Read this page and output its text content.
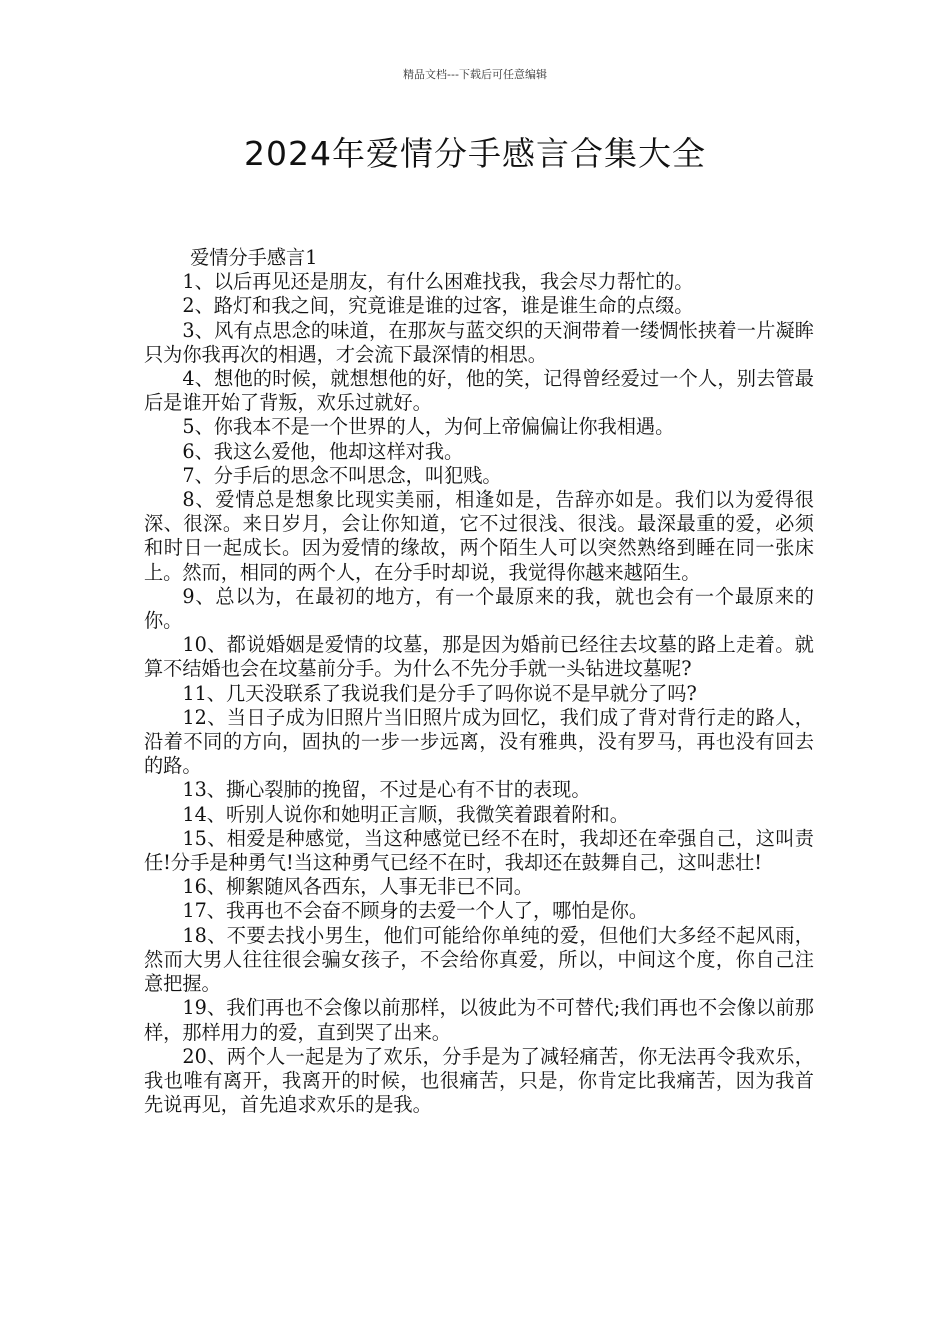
精品文档---下载后可任意编辑
2024年爱情分手感言合集大全

爱情分手感言1

1、以后再见还是朋友，有什么困难找我，我会尽力帮忙的。

2、路灯和我之间，究竟谁是谁的过客，谁是谁生命的点缀。

3、风有点思念的味道，在那灰与蓝交织的天涧带着一缕惆怅挟着一片凝眸只为你我再次的相遇，才会流下最深情的相思。

4、想他的时候，就想想他的好，他的笑，记得曾经爱过一个人，别去管最后是谁开始了背叛，欢乐过就好。

5、你我本不是一个世界的人，为何上帝偏偏让你我相遇。

6、我这么爱他，他却这样对我。

7、分手后的思念不叫思念，叫犯贱。

8、爱情总是想象比现实美丽，相逢如是，告辞亦如是。我们以为爱得很深、很深。来日岁月，会让你知道，它不过很浅、很浅。最深最重的爱，必须和时日一起成长。因为爱情的缘故，两个陌生人可以突然熟络到睡在同一张床上。然而，相同的两个人，在分手时却说，我觉得你越来越陌生。

9、总以为，在最初的地方，有一个最原来的我，就也会有一个最原来的你。

10、都说婚姻是爱情的坟墓，那是因为婚前已经往去坟墓的路上走着。就算不结婚也会在坟墓前分手。为什么不先分手就一头钻进坟墓呢?

11、几天没联系了我说我们是分手了吗你说不是早就分了吗?

12、当日子成为旧照片当旧照片成为回忆，我们成了背对背行走的路人，沿着不同的方向，固执的一步一步远离，没有雅典，没有罗马，再也没有回去的路。

13、撕心裂肺的挽留，不过是心有不甘的表现。

14、听别人说你和她明正言顺，我微笑着跟着附和。

15、相爱是种感觉，当这种感觉已经不在时，我却还在牵强自己，这叫责任!分手是种勇气!当这种勇气已经不在时，我却还在鼓舞自己，这叫悲壮!

16、柳絮随风各西东，人事无非已不同。

17、我再也不会奋不顾身的去爱一个人了，哪怕是你。

18、不要去找小男生，他们可能给你单纯的爱，但他们大多经不起风雨，然而大男人往往很会骗女孩子，不会给你真爱，所以，中间这个度，你自己注意把握。

19、我们再也不会像以前那样，以彼此为不可替代;我们再也不会像以前那样，那样用力的爱，直到哭了出来。

20、两个人一起是为了欢乐，分手是为了减轻痛苦，你无法再令我欢乐，我也唯有离开，我离开的时候，也很痛苦，只是，你肯定比我痛苦，因为我首先说再见，首先追求欢乐的是我。
